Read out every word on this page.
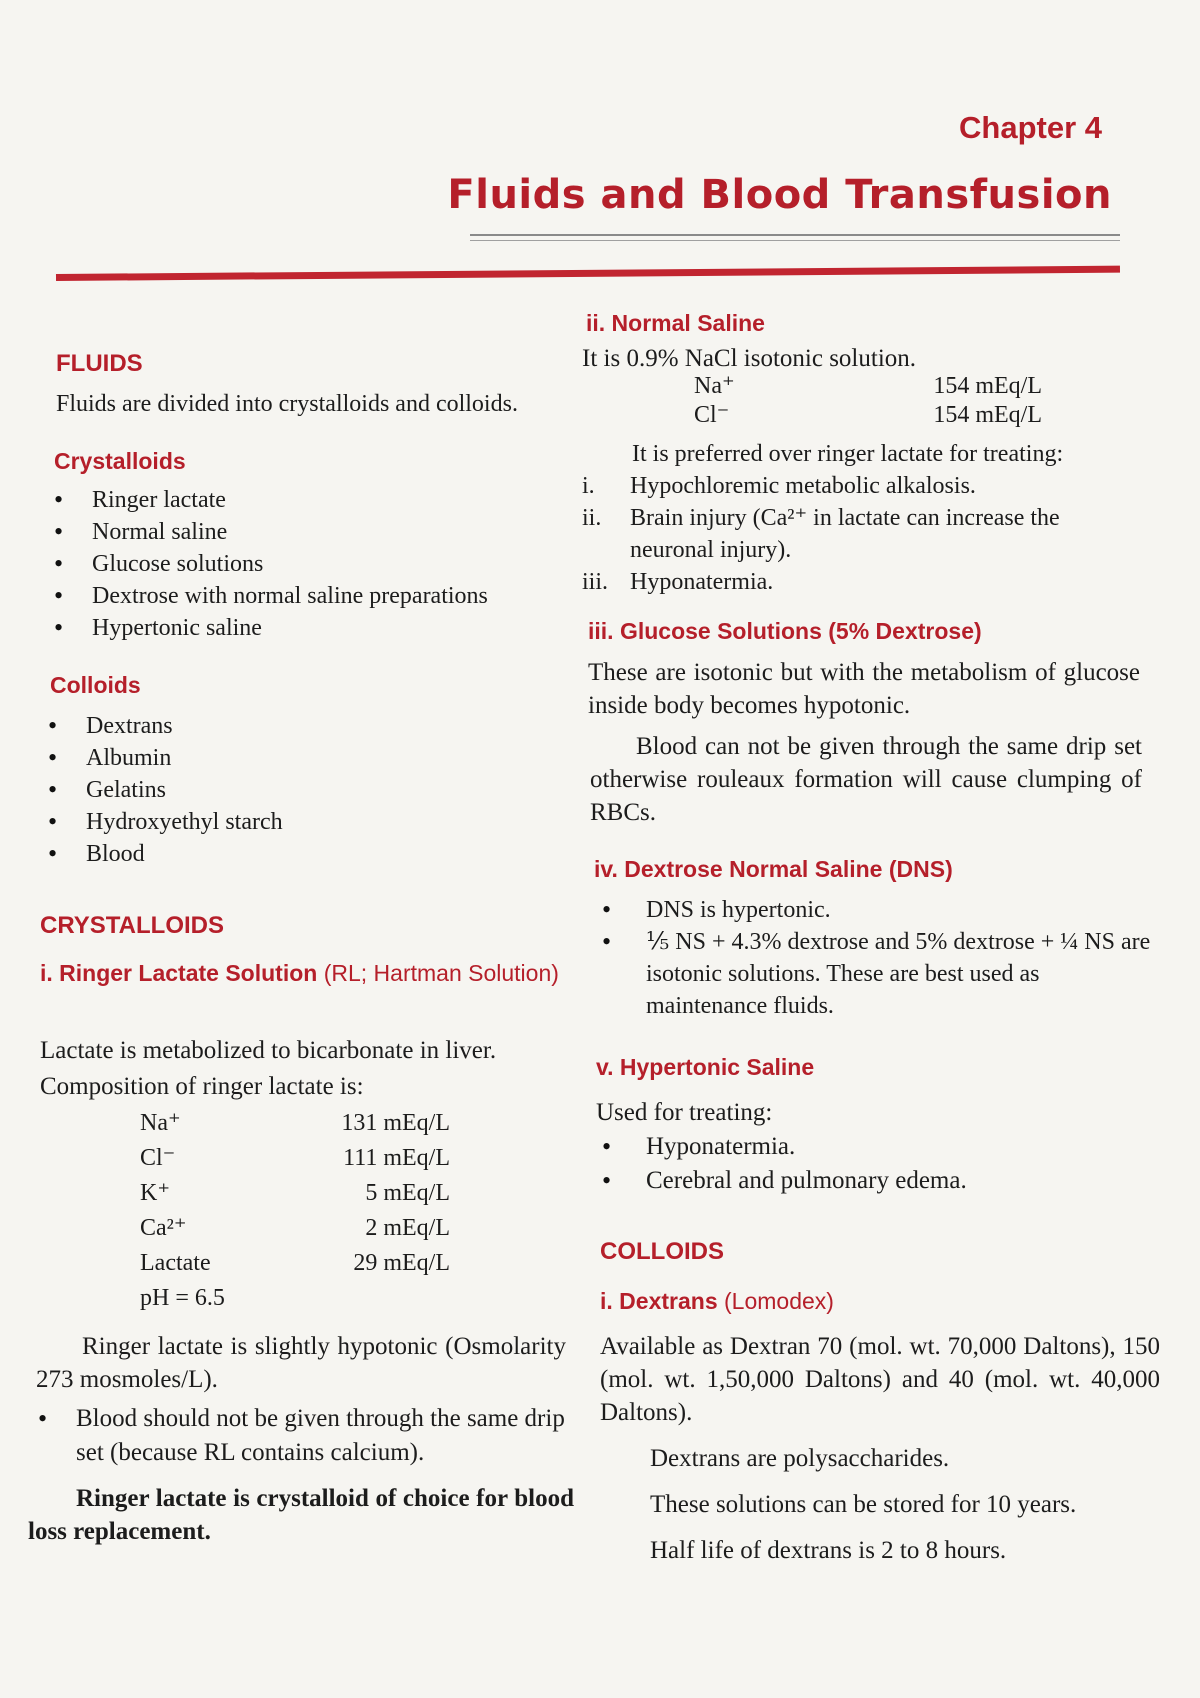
Chapter 4
Fluids and Blood Transfusion
FLUIDS
Fluids are divided into crystalloids and colloids.
Crystalloids
• Ringer lactate
• Normal saline
• Glucose solutions
• Dextrose with normal saline preparations
• Hypertonic saline
Colloids
• Dextrans
• Albumin
• Gelatins
• Hydroxyethyl starch
• Blood
CRYSTALLOIDS
i. Ringer Lactate Solution (RL; Hartman Solution)
Lactate is metabolized to bicarbonate in liver.
Composition of ringer lactate is:
Na⁺	131 mEq/L
Cl⁻	111 mEq/L
K⁺	5 mEq/L
Ca²⁺	2 mEq/L
Lactate	29 mEq/L
pH = 6.5
Ringer lactate is slightly hypotonic (Osmolarity 273 mosmoles/L).
• Blood should not be given through the same drip set (because RL contains calcium).
Ringer lactate is crystalloid of choice for blood loss replacement.
ii. Normal Saline
It is 0.9% NaCl isotonic solution.
Na⁺	154 mEq/L
Cl⁻	154 mEq/L
It is preferred over ringer lactate for treating:
i.	Hypochloremic metabolic alkalosis.
ii.	Brain injury (Ca²⁺ in lactate can increase the neuronal injury).
iii. Hyponatermia.
iii. Glucose Solutions (5% Dextrose)
These are isotonic but with the metabolism of glucose inside body becomes hypotonic.
Blood can not be given through the same drip set otherwise rouleaux formation will cause clumping of RBCs.
iv. Dextrose Normal Saline (DNS)
• DNS is hypertonic.
• ⅕ NS + 4.3% dextrose and 5% dextrose + ¼ NS are isotonic solutions. These are best used as maintenance fluids.
v. Hypertonic Saline
Used for treating:
• Hyponatermia.
• Cerebral and pulmonary edema.
COLLOIDS
i. Dextrans (Lomodex)
Available as Dextran 70 (mol. wt. 70,000 Daltons), 150 (mol. wt. 1,50,000 Daltons) and 40 (mol. wt. 40,000 Daltons).
Dextrans are polysaccharides.
These solutions can be stored for 10 years.
Half life of dextrans is 2 to 8 hours.
